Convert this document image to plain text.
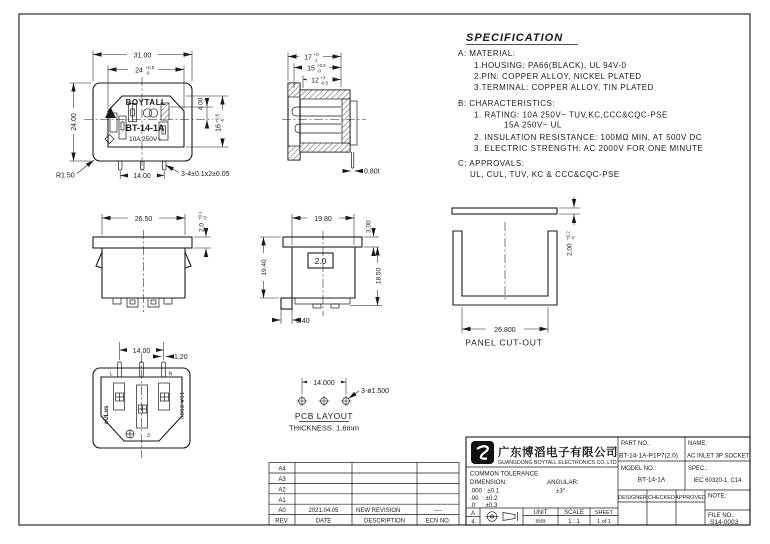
BOYTALL
BT-14-1A
10A 250V~
31.00
24 +0.5
-0
24.00
4.00
16
+0.5 -0
R1.50	14.00	3-4±0.1x2±0.05
17 +0
-1
15 +0.5
-0
12 +1
-0.5
0.80t
26.50
2.0
+0.1 -0
2.0
19.80
3.00
19.40
18.50
3.40
2.00
+0.2 -0
26.800
PANEL CUT-OUT
L	N
3
15A 250V
cULus
14.00
1.20
14.000
3-ø1.500
PCB LAYOUT
THICKNESS: 1.6mm
SPECIFICATION
A: MATERIAL:
1.HOUSING: PA66(BLACK), UL 94V-0
2.PIN: COPPER ALLOY, NICKEL PLATED
3.TERMINAL: COPPER ALLOY, TIN PLATED
B: CHARACTERISTICS:
1. RATING: 10A 250V~ TUV,KC,CCC&CQC-PSE
15A 250V~ UL
2. INSULATION RESISTANCE: 100MΩ MIN, AT 500V DC
3. ELECTRIC STRENGTH: AC 2000V FOR ONE MINUTE
C: APPROVALS:
UL, CUL, TUV, KC & CCC&CQC-PSE
A4
A3
A2
A1
A0	2021.04.05	NEW REVISION	----
REV.	DATE	DESCRIPTION	ECN NO.
广东博滔电子有限公司
GUANGDONG BOYTALL ELECTRONICS CO.,LTD
COMMON TOLERANCE
DIMENSION:	ANGULAR:
.000 : ±0.1	±3°
.00  : ±0.2
.0    : ±0.3
A
4
UNIT
mm
SCALE
1 : 1
SHEET
1 of 1
PART NO.:
BT-14-1A-P1P7(2.0)
NAME:
AC INLET 3P SOCKET
MODEL NO.:
BT-14-1A
SPEC.:
IEC 60320-1, C14
DESIGNER CHECKED APPROVED NOTE:
FILE NO.:
S14-0003
